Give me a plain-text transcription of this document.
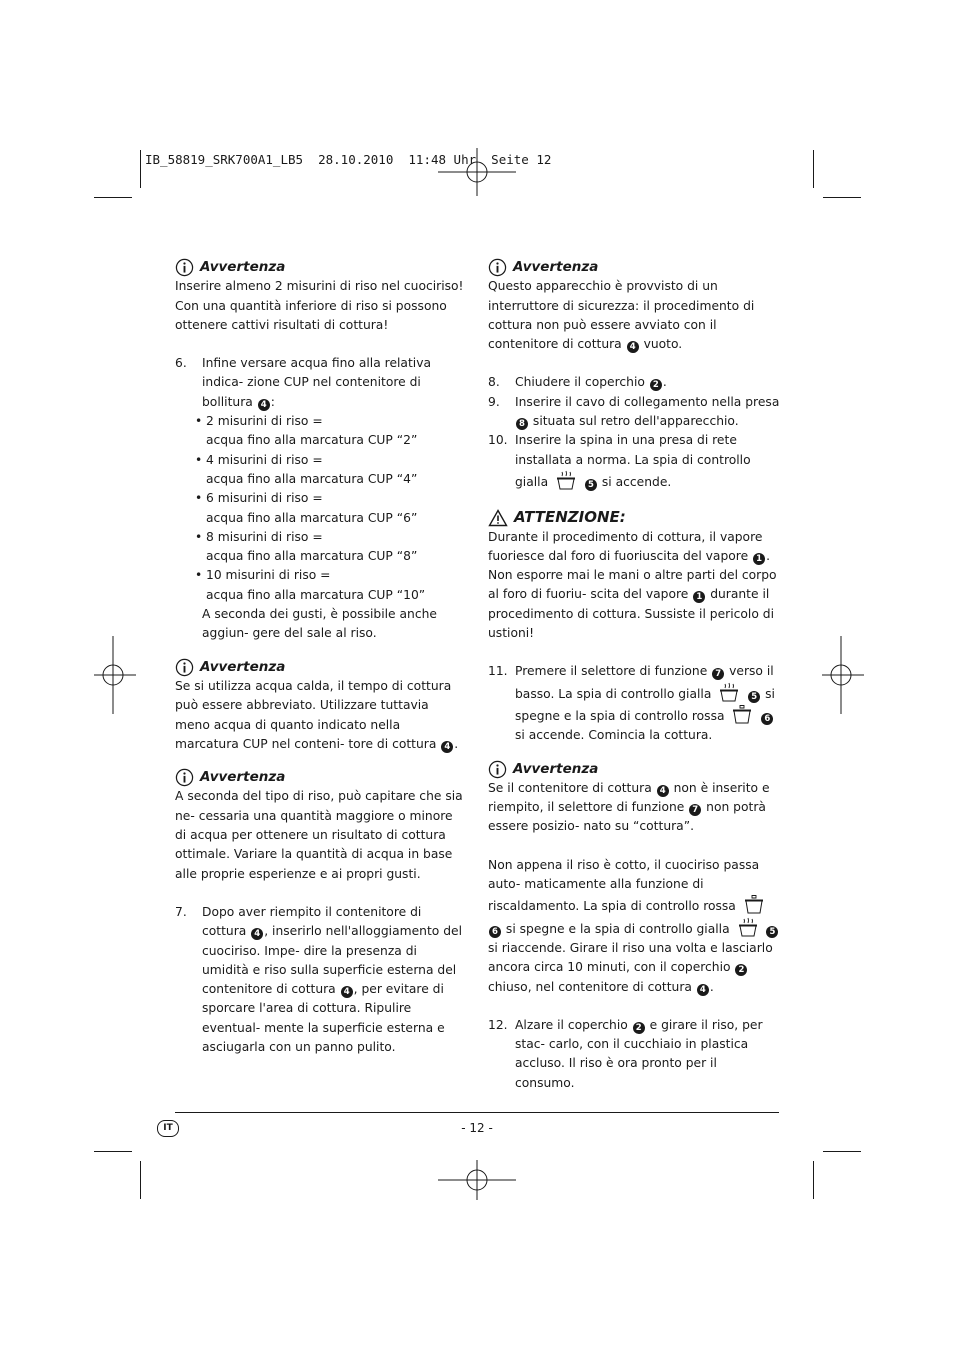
IB_58819_SRK700A1_LB5  28.10.2010  11:48 Uhr  Seite 12
Avvertenza

Inserire almeno 2 misurini di riso nel cuociriso! Con una quantità inferiore di riso si possono ottenere cattivi risultati di cottura!

6.	Infine versare acqua fino alla relativa indica- zione CUP nel contenitore di bollitura 4 :

• 2 misurini di riso =

acqua fino alla marcatura CUP “2”

• 4 misurini di riso =

acqua fino alla marcatura CUP “4”

• 6 misurini di riso =

acqua fino alla marcatura CUP “6”

• 8 misurini di riso =

acqua fino alla marcatura CUP “8”

• 10 misurini di riso =

acqua fino alla marcatura CUP “10”

A seconda dei gusti, è possibile anche aggiun- gere del sale al riso.

Avvertenza

Se si utilizza acqua calda, il tempo di cottura può essere abbreviato. Utilizzare tuttavia meno acqua di quanto indicato nella marcatura CUP nel conteni- tore di cottura 4 .

Avvertenza

A seconda del tipo di riso, può capitare che sia ne- cessaria una quantità maggiore o minore di acqua per ottenere un risultato di cottura ottimale. Variare la quantità di acqua in base alle proprie esperienze e ai propri gusti.

7.	Dopo aver riempito il contenitore di cottura 4 , inserirlo nell'alloggiamento del cuociriso. Impe- dire la presenza di umidità e riso sulla superficie esterna del contenitore di cottura 4 , per evitare di sporcare l'area di cottura. Ripulire eventual- mente la superficie esterna e asciugarla con un panno pulito.

Avvertenza

Questo apparecchio è provvisto di un interruttore di sicurezza: il procedimento di cottura non può essere avviato con il contenitore di cottura 4 vuoto.

8.	Chiudere il coperchio 2 .

9.	Inserire il cavo di collegamento nella presa 8 situata sul retro dell'apparecchio.

10. Inserire la spina in una presa di rete installata a norma. La spia di controllo gialla	5 si accende.

ATTENZIONE:

Durante il procedimento di cottura, il vapore fuoriesce dal foro di fuoriuscita del vapore 1 . Non esporre mai le mani o altre parti del corpo al foro di fuoriu- scita del vapore 1 durante il procedimento di cottura. Sussiste il pericolo di ustioni!

11. Premere il selettore di funzione 7 verso il basso. La spia di controllo gialla	5 si spegne e la spia di controllo rossa	6 si accende. Comincia la cottura.

Avvertenza

Se il contenitore di cottura 4 non è inserito e riempito, il selettore di funzione 7 non potrà essere posizio- nato su “cottura”.

Non appena il riso è cotto, il cuociriso passa auto- maticamente alla funzione di riscaldamento. La spia di controllo rossa  6 si spegne e la spia di controllo gialla	5 si riaccende. Girare il riso una volta e lasciarlo ancora circa 10 minuti, con il coperchio 2 chiuso, nel contenitore di cottura 4 .

12. Alzare il coperchio 2 e girare il riso, per stac- carlo, con il cucchiaio in plastica accluso. Il riso è ora pronto per il consumo.

IT	- 12 -
